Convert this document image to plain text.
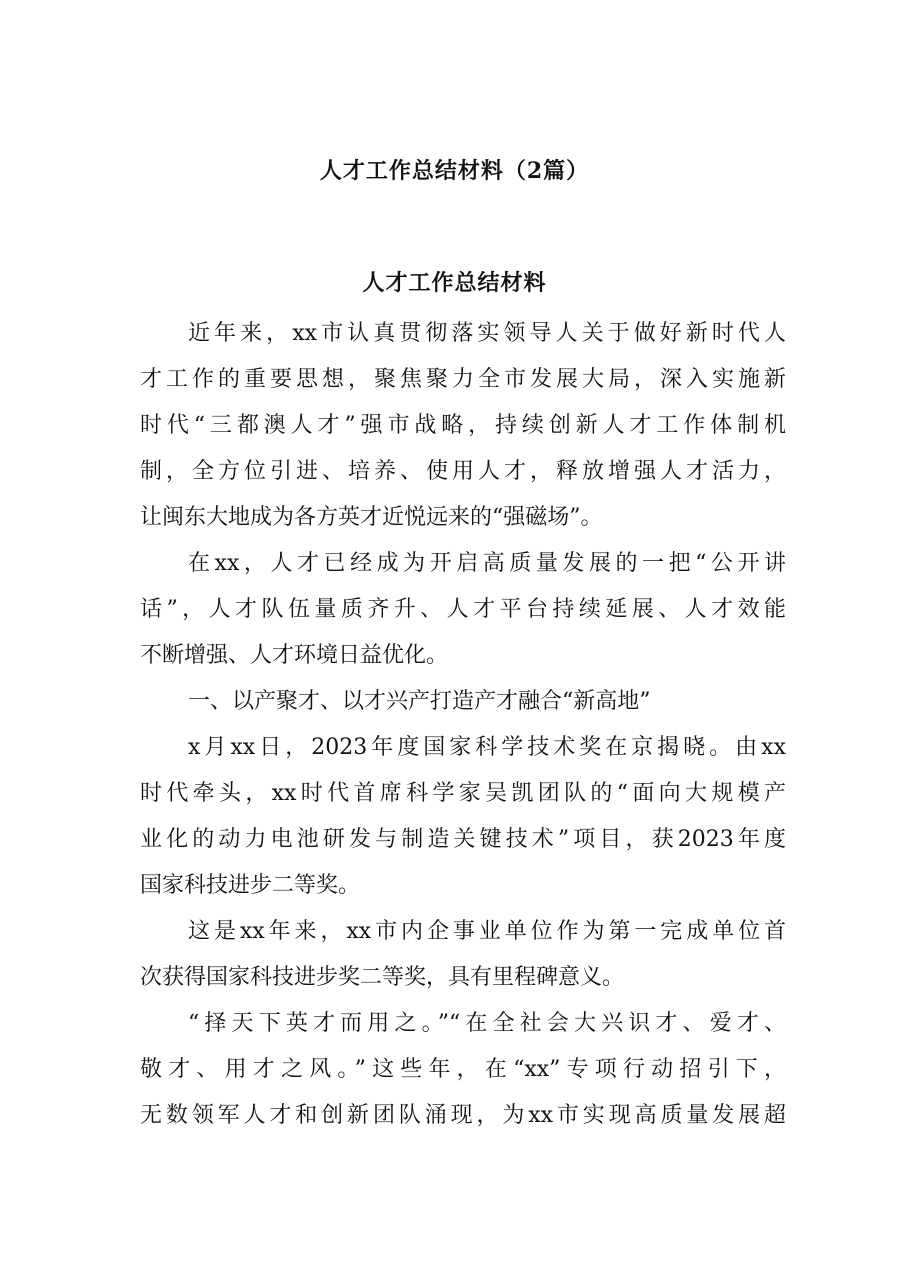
人才工作总结材料（2篇）
人才工作总结材料
近年来，xx市认真贯彻落实领导人关于做好新时代人
才工作的重要思想，聚焦聚力全市发展大局，深入实施新
时代“三都澳人才”强市战略，持续创新人才工作体制机
制，全方位引进、培养、使用人才，释放增强人才活力，
让闽东大地成为各方英才近悦远来的“强磁场”。
在xx，人才已经成为开启高质量发展的一把“公开讲
话”，人才队伍量质齐升、人才平台持续延展、人才效能
不断增强、人才环境日益优化。
一、以产聚才、以才兴产打造产才融合“新高地”
x月xx日，2023年度国家科学技术奖在京揭晓。由xx
时代牵头，xx时代首席科学家吴凯团队的“面向大规模产
业化的动力电池研发与制造关键技术”项目，获2023年度
国家科技进步二等奖。
这是xx年来，xx市内企事业单位作为第一完成单位首
次获得国家科技进步奖二等奖，具有里程碑意义。
“择天下英才而用之。”“在全社会大兴识才、爱才、
敬才、用才之风。”这些年，在“xx”专项行动招引下，
无数领军人才和创新团队涌现，为xx市实现高质量发展超
